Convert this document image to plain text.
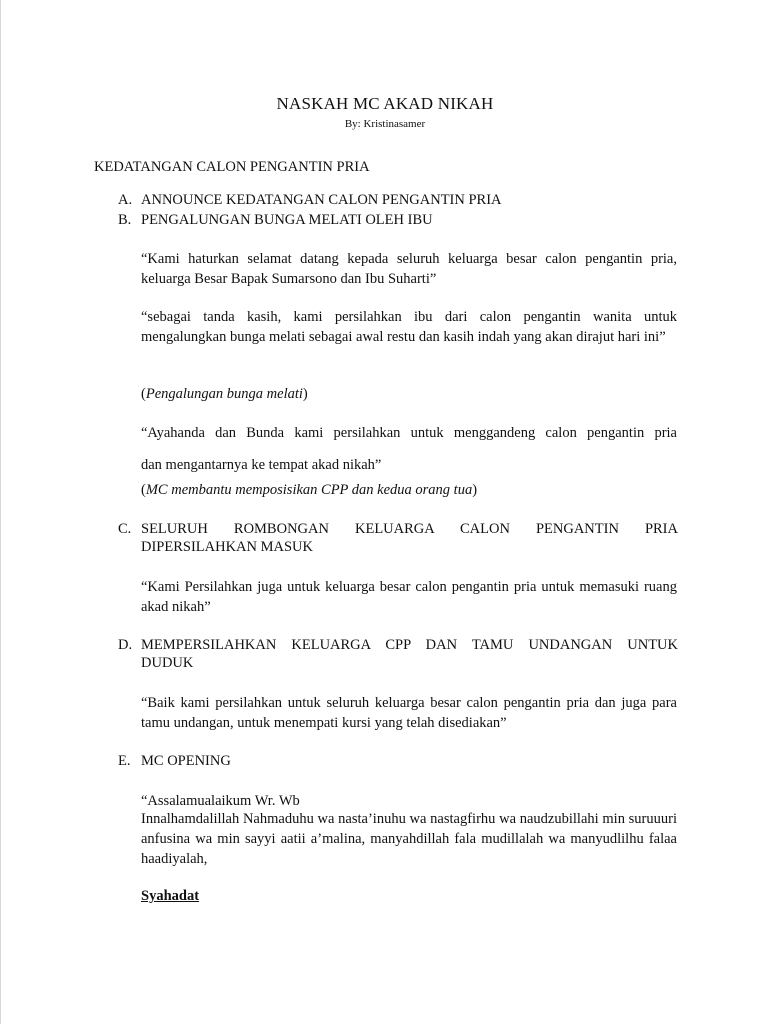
NASKAH MC AKAD NIKAH
By: Kristinasamer
KEDATANGAN CALON PENGANTIN PRIA
A. ANNOUNCE KEDATANGAN CALON PENGANTIN PRIA
B. PENGALUNGAN BUNGA MELATI OLEH IBU
“Kami haturkan selamat datang kepada seluruh keluarga besar calon pengantin pria, keluarga Besar Bapak Sumarsono dan Ibu Suharti”
“sebagai tanda kasih, kami persilahkan ibu dari calon pengantin wanita untuk mengalungkan bunga melati sebagai awal restu dan kasih indah yang akan dirajut hari ini”
(Pengalungan bunga melati)
“Ayahanda dan Bunda kami persilahkan untuk menggandeng calon pengantin pria
dan mengantarnya ke tempat akad nikah”
(MC membantu memposisikan CPP dan kedua orang tua)
C. SELURUH ROMBONGAN KELUARGA CALON PENGANTIN PRIA
DIPERSILAHKAN MASUK
“Kami Persilahkan juga untuk keluarga besar calon pengantin pria untuk memasuki ruang akad nikah”
D. MEMPERSILAHKAN KELUARGA CPP DAN TAMU UNDANGAN UNTUK
DUDUK
“Baik kami persilahkan untuk seluruh keluarga besar calon pengantin pria dan juga para tamu undangan, untuk menempati kursi yang telah disediakan”
E. MC OPENING
“Assalamualaikum Wr. Wb
Innalhamdalillah Nahmaduhu wa nasta’inuhu wa nastagfirhu wa naudzubillahi min suruuuri anfusina wa min sayyi aatii a’malina, manyahdillah fala mudillalah wa manyudlilhu falaa haadiyalah,
Syahadat
